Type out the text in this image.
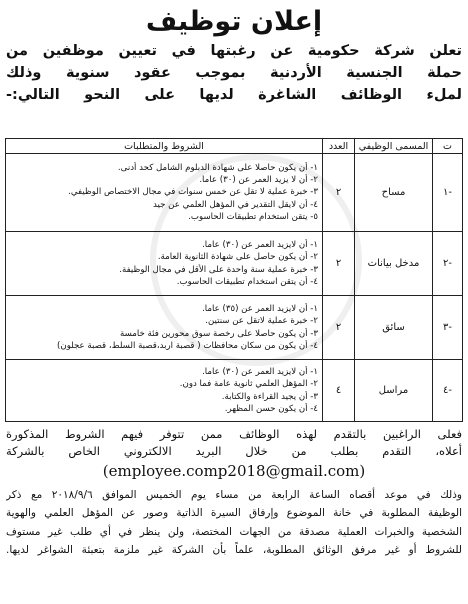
إعلان توظيف
تعلن شركة حكومية عن رغبتها في تعيين موظفين من
حملة الجنسية الأردنية بموجب عقود سنوية وذلك
لملء الوظائف الشاغرة لديها على النحو التالي:-
ت	المسمى الوظيفي	العدد	الشروط والمتطلبات
-١	مساح	٢	١- أن يكون حاصلا على شهادة الدبلوم الشامل كحد أدنى.
٢- أن لا يزيد العمر عن (٣٠) عاما.
٣- خبرة عملية لا تقل عن خمس سنوات في مجال الاختصاص الوظيفي.
٤- أن لايقل التقدير في المؤهل العلمي عن جيد
٥- يتقن استخدام تطبيقات الحاسوب.

-٢	مدخل بيانات	٢	١- أن لايزيد العمر عن (٣٠) عاما.
٢- أن يكون حاصل على شهادة الثانوية العامة.
٣- خبرة عملية سنة واحدة على الأقل في مجال الوظيفة.
٤- أن يتقن استخدام تطبيقات الحاسوب.

-٣	سائق	٢	١- أن لايزيد العمر عن (٣٥) عاما.
٢- خبرة عملية لاتقل عن سنتين.
٣- أن يكون حاصلا على رخصة سوق محورين فئة خامسة
٤- أن يكون من سكان محافظات ( قصبة اربد،قصبة السلط، قصبة عجلون)

-٤	مراسل	٤	١- أن لايزيد العمر عن (٣٠) عاما.
٢- المؤهل العلمي ثانوية عامة فما دون.
٣- أن يجيد القراءة والكتابة.
٤- أن يكون حسن المظهر.
فعلى الراغبين بالتقدم لهذه الوظائف ممن تتوفر فيهم الشروط المذكورة
أعلاه، التقدم بطلب من خلال البريد الالكتروني الخاص بالشركة
(employee.comp2018@gmail.com)
وذلك في موعد أقصاه الساعة الرابعة من مساء يوم الخميس الموافق ٢٠١٨/٩/٦ مع ذكر
الوظيفة المطلوبة في خانة الموضوع وإرفاق السيرة الذاتية وصور عن المؤهل العلمي والهوية
الشخصية والخبرات العملية مصدقة من الجهات المختصة، ولن ينظر في أي طلب غير مستوف
للشروط أو غير مرفق الوثائق المطلوبة، علماً بأن الشركة غير ملزمة بتعبئة الشواغر لديها.
